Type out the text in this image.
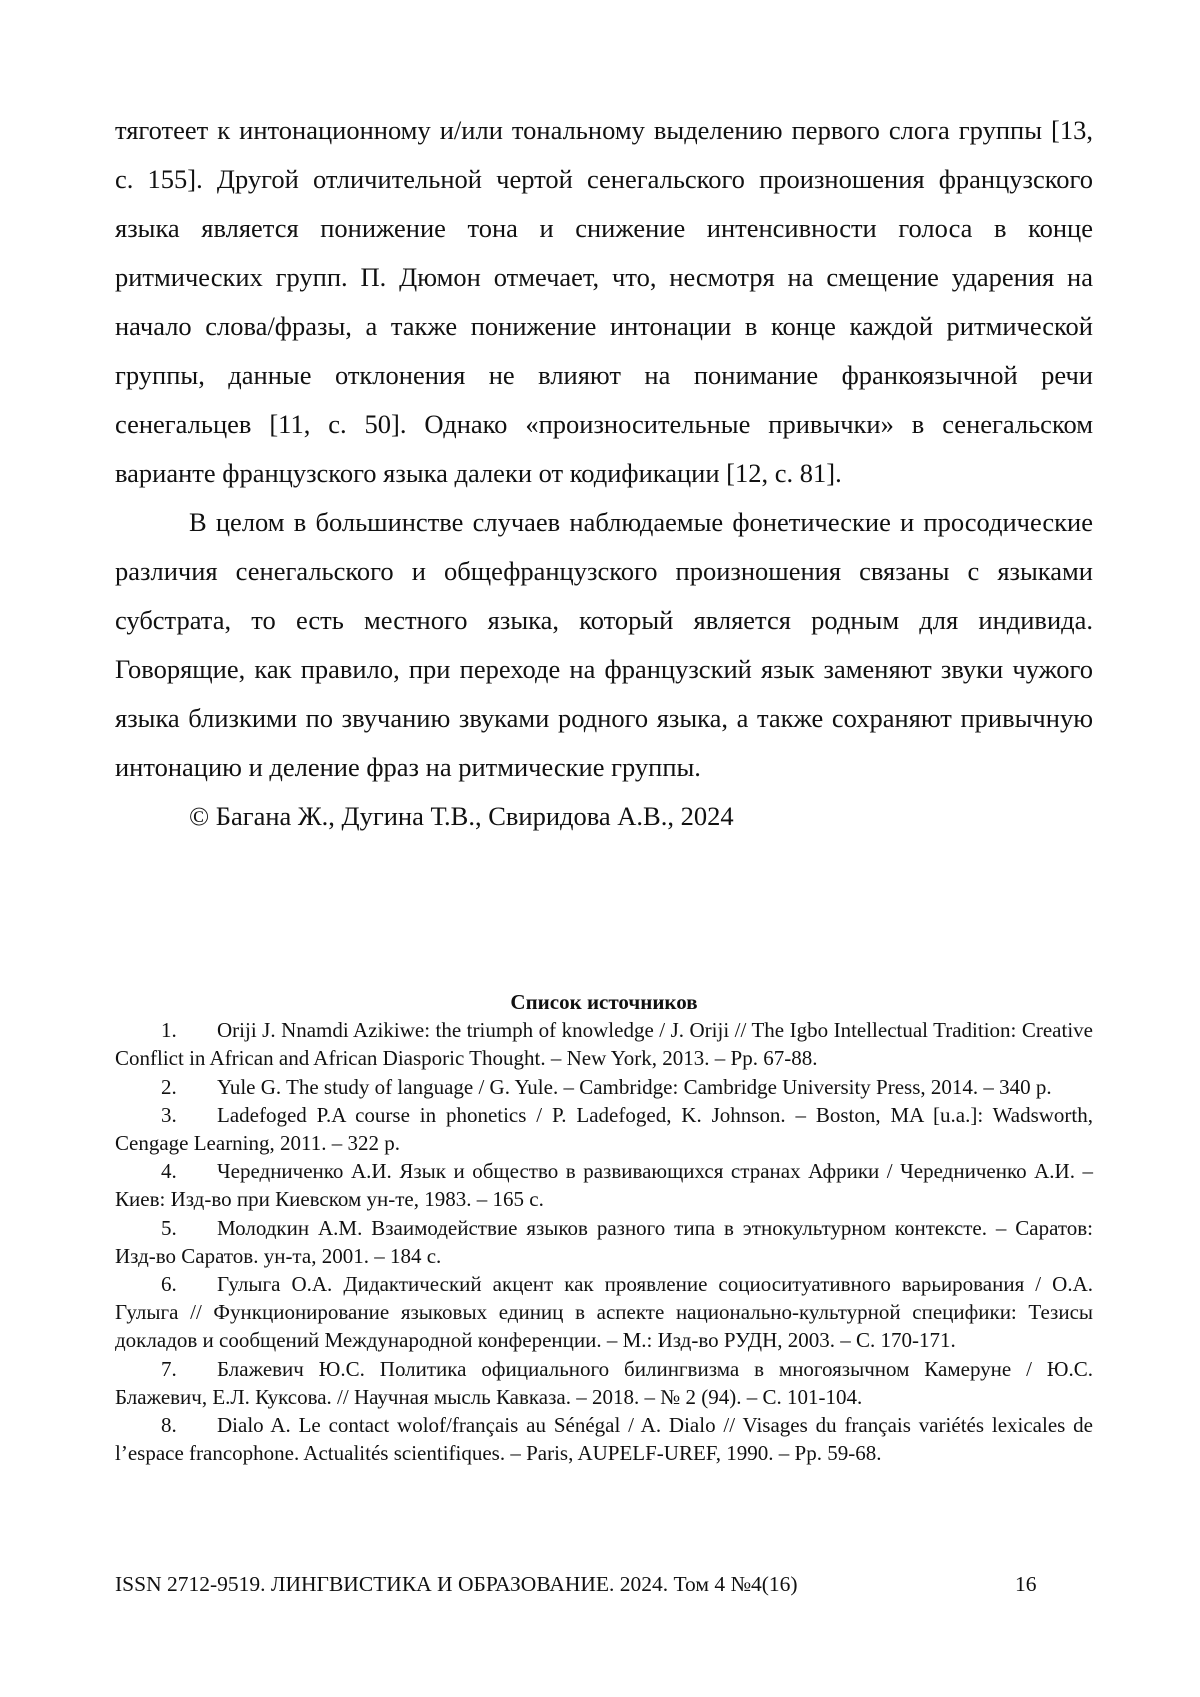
тяготеет к интонационному и/или тональному выделению первого слога группы [13, с. 155]. Другой отличительной чертой сенегальского произношения французского языка является понижение тона и снижение интенсивности голоса в конце ритмических групп. П. Дюмон отмечает, что, несмотря на смещение ударения на начало слова/фразы, а также понижение интонации в конце каждой ритмической группы, данные отклонения не влияют на понимание франкоязычной речи сенегальцев [11, с. 50]. Однако «произносительные привычки» в сенегальском варианте французского языка далеки от кодификации [12, с. 81].

В целом в большинстве случаев наблюдаемые фонетические и просодические различия сенегальского и общефранцузского произношения связаны с языками субстрата, то есть местного языка, который является родным для индивида. Говорящие, как правило, при переходе на французский язык заменяют звуки чужого языка близкими по звучанию звуками родного языка, а также сохраняют привычную интонацию и деление фраз на ритмические группы.

© Багана Ж., Дугина Т.В., Свиридова А.В., 2024

Список источников

1. Oriji J. Nnamdi Azikiwe: the triumph of knowledge / J. Oriji // The Igbo Intellectual Tradition: Creative Conflict in African and African Diasporic Thought. – New York, 2013. – Pp. 67-88.
2. Yule G. The study of language / G. Yule. – Cambridge: Cambridge University Press, 2014. – 340 p.
3. Ladefoged P.A course in phonetics / P. Ladefoged, K. Johnson. – Boston, MA [u.a.]: Wadsworth, Cengage Learning, 2011. – 322 p.
4. Чередниченко А.И. Язык и общество в развивающихся странах Африки / Чередниченко А.И. – Киев: Изд-во при Киевском ун-те, 1983. – 165 с.
5. Молодкин А.М. Взаимодействие языков разного типа в этнокультурном контексте. – Саратов: Изд-во Саратов. ун-та, 2001. – 184 с.
6. Гулыга О.А. Дидактический акцент как проявление социоситуативного варьирования / О.А. Гулыга // Функционирование языковых единиц в аспекте национально-культурной специфики: Тезисы докладов и сообщений Международной конференции. – М.: Изд-во РУДН, 2003. – С. 170-171.
7. Блажевич Ю.С. Политика официального билингвизма в многоязычном Камеруне / Ю.С. Блажевич, Е.Л. Куксова. // Научная мысль Кавказа. – 2018. – № 2 (94). – С. 101-104.
8. Dialo A. Le contact wolof/français au Sénégal / A. Dialo // Visages du français variétés lexicales de l’espace francophone. Actualités scientifiques. – Paris, AUPELF-UREF, 1990. – Pp. 59-68.
ISSN 2712-9519. ЛИНГВИСТИКА И ОБРАЗОВАНИЕ. 2024. Том 4 №4(16)	16
